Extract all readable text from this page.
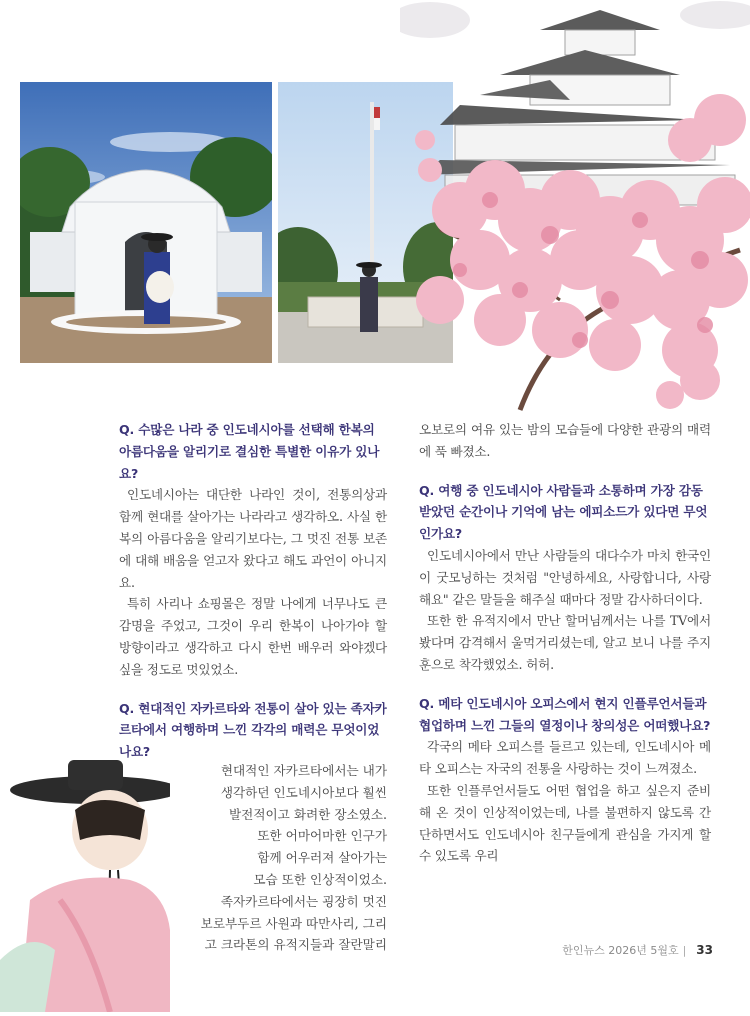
Q. 수많은 나라 중 인도네시아를 선택해 한복의 아름다움을 알리기로 결심한 특별한 이유가 있나요?

인도네시아는 대단한 나라인 것이, 전통의상과 함께 현대를 살아가는 나라라고 생각하오. 사실 한복의 아름다움을 알리기보다는, 그 멋진 전통 보존에 대해 배움을 얻고자 왔다고 해도 과언이 아니지요.

특히 사리나 쇼핑몰은 정말 나에게 너무나도 큰 감명을 주었고, 그것이 우리 한복이 나아가야 할 방향이라고 생각하고 다시 한번 배우러 와야겠다 싶을 정도로 멋있었소.

Q. 현대적인 자카르타와 전통이 살아 있는 족자카르타에서 여행하며 느낀 각각의 매력은 무엇이었나요?

현대적인 자카르타에서는 내가
생각하던 인도네시아보다 훨씬
발전적이고 화려한 장소였소.
또한 어마어마한 인구가
함께 어우러져 살아가는
모습 또한 인상적이었소.
족자카르타에서는 굉장히 멋진
보로부두르 사원과 따만사리, 그리
고 크라톤의 유적지들과 잘란말리

오보로의 여유 있는 밤의 모습들에 다양한 관광의 매력에 푹 빠졌소.

Q. 여행 중 인도네시아 사람들과 소통하며 가장 감동받았던 순간이나 기억에 남는 에피소드가 있다면 무엇인가요?

인도네시아에서 만난 사람들의 대다수가 마치 한국인이 굿모닝하는 것처럼 "안녕하세요, 사랑합니다, 사랑해요" 같은 말들을 해주실 때마다 정말 감사하더이다.

또한 한 유적지에서 만난 할머님께서는 나를 TV에서 봤다며 감격해서 울먹거리셨는데, 알고 보니 나를 주지훈으로 착각했었소. 허허.

Q. 메타 인도네시아 오피스에서 현지 인플루언서들과 협업하며 느낀 그들의 열정이나 창의성은 어떠했나요?

각국의 메타 오피스를 들르고 있는데, 인도네시아 메타 오피스는 자국의 전통을 사랑하는 것이 느껴졌소.

또한 인플루언서들도 어떤 협업을 하고 싶은지 준비해 온 것이 인상적이었는데, 나를 불편하지 않도록 간단하면서도 인도네시아 친구들에게 관심을 가지게 할 수 있도록 우리

한인뉴스 2026년 5월호 | 33
